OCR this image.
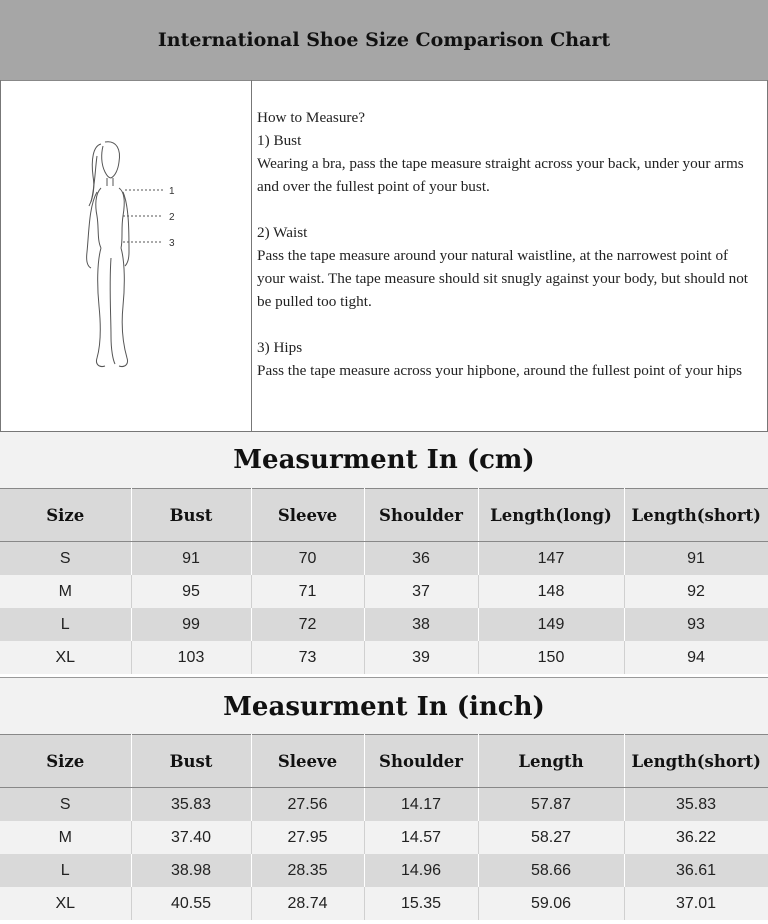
International Shoe Size Comparison Chart
1
2
3

How to Measure?

1) Bust

Wearing a bra, pass the tape measure straight across your back, under your arms and over the fullest point of your bust.

2) Waist

Pass the tape measure around your natural waistline, at the narrowest point of your waist. The tape measure should sit snugly against your body, but should not be pulled too tight.

3) Hips

Pass the tape measure across your hipbone, around the fullest point of your hips

Measurment In (cm)
Size	Bust	Sleeve	Shoulder	Length(long)	Length(short)
S	91	70	36	147	91
M	95	71	37	148	92
L	99	72	38	149	93
XL	103	73	39	150	94
Measurment In (inch)
Size	Bust	Sleeve	Shoulder	Length	Length(short)
S	35.83	27.56	14.17	57.87	35.83
M	37.40	27.95	14.57	58.27	36.22
L	38.98	28.35	14.96	58.66	36.61
XL	40.55	28.74	15.35	59.06	37.01
